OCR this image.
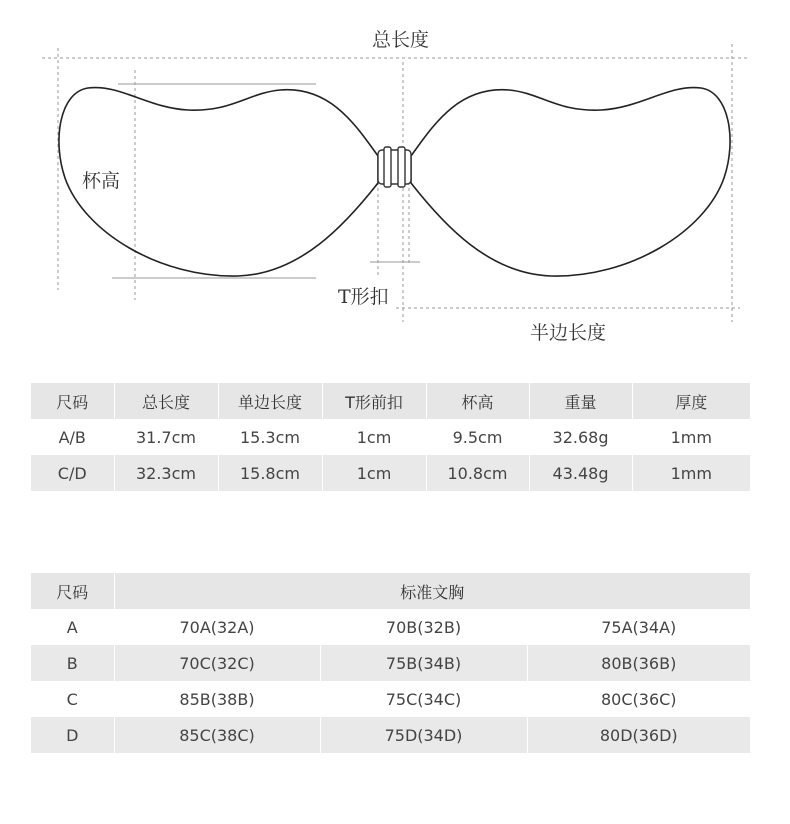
总长度
杯高
T形扣
半边长度
尺码	总长度	单边长度	T形前扣	杯高	重量	厚度
A/B	31.7cm	15.3cm	1cm	9.5cm	32.68g	1mm
C/D	32.3cm	15.8cm	1cm	10.8cm	43.48g	1mm
尺码	标准文胸		
A	70A(32A)	70B(32B)	75A(34A)
B	70C(32C)	75B(34B)	80B(36B)
C	85B(38B)	75C(34C)	80C(36C)
D	85C(38C)	75D(34D)	80D(36D)
